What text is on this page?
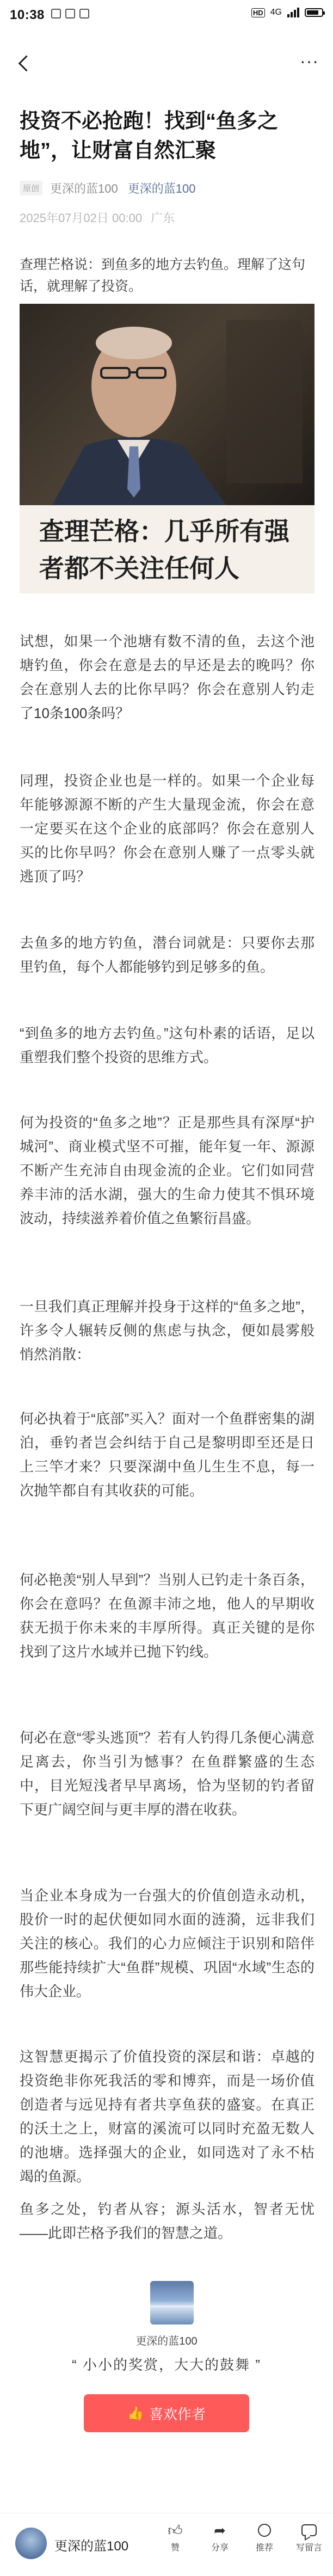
10:38	HD 4G
···
投资不必抢跑！找到“鱼多之地”，让财富自然汇聚
原创 更深的蓝100 更深的蓝100
2025年07月02日 00:00 广东

查理芒格说：到鱼多的地方去钓鱼。理解了这句话，就理解了投资。

查理芒格：几乎所有强者都不关注任何人

试想，如果一个池塘有数不清的鱼，去这个池塘钓鱼，你会在意是去的早还是去的晚吗？你会在意别人去的比你早吗？你会在意别人钓走了10条100条吗？

同理，投资企业也是一样的。如果一个企业每年能够源源不断的产生大量现金流，你会在意一定要买在这个企业的底部吗？你会在意别人买的比你早吗？你会在意别人赚了一点零头就逃顶了吗？

去鱼多的地方钓鱼，潜台词就是：只要你去那里钓鱼，每个人都能够钓到足够多的鱼。

“到鱼多的地方去钓鱼。”这句朴素的话语，足以重塑我们整个投资的思维方式。

何为投资的“鱼多之地”？正是那些具有深厚“护城河”、商业模式坚不可摧，能年复一年、源源不断产生充沛自由现金流的企业。它们如同营养丰沛的活水湖，强大的生命力使其不惧环境波动，持续滋养着价值之鱼繁衍昌盛。

一旦我们真正理解并投身于这样的“鱼多之地”，许多令人辗转反侧的焦虑与执念，便如晨雾般悄然消散：

何必执着于“底部”买入？面对一个鱼群密集的湖泊，垂钓者岂会纠结于自己是黎明即至还是日上三竿才来？只要深湖中鱼儿生生不息，每一次抛竿都自有其收获的可能。

何必艳羡“别人早到”？当别人已钓走十条百条，你会在意吗？在鱼源丰沛之地，他人的早期收获无损于你未来的丰厚所得。真正关键的是你找到了这片水域并已抛下钓线。

何必在意“零头逃顶”？若有人钓得几条便心满意足离去，你当引为憾事？在鱼群繁盛的生态中，目光短浅者早早离场，恰为坚韧的钓者留下更广阔空间与更丰厚的潜在收获。

当企业本身成为一台强大的价值创造永动机，股价一时的起伏便如同水面的涟漪，远非我们关注的核心。我们的心力应倾注于识别和陪伴那些能持续扩大“鱼群”规模、巩固“水域”生态的伟大企业。

这智慧更揭示了价值投资的深层和谐：卓越的投资绝非你死我活的零和博弈，而是一场价值创造者与远见持有者共享鱼获的盛宴。在真正的沃土之上，财富的溪流可以同时充盈无数人的池塘。选择强大的企业，如同选对了永不枯竭的鱼源。

鱼多之处，钓者从容；源头活水，智者无忧——此即芒格予我们的智慧之道。

更深的蓝100
“ 小小的奖赏，大大的鼓舞 ”
👍 喜欢作者
更深的蓝100
👍︎
赞
➦
分享	推荐	写留言
